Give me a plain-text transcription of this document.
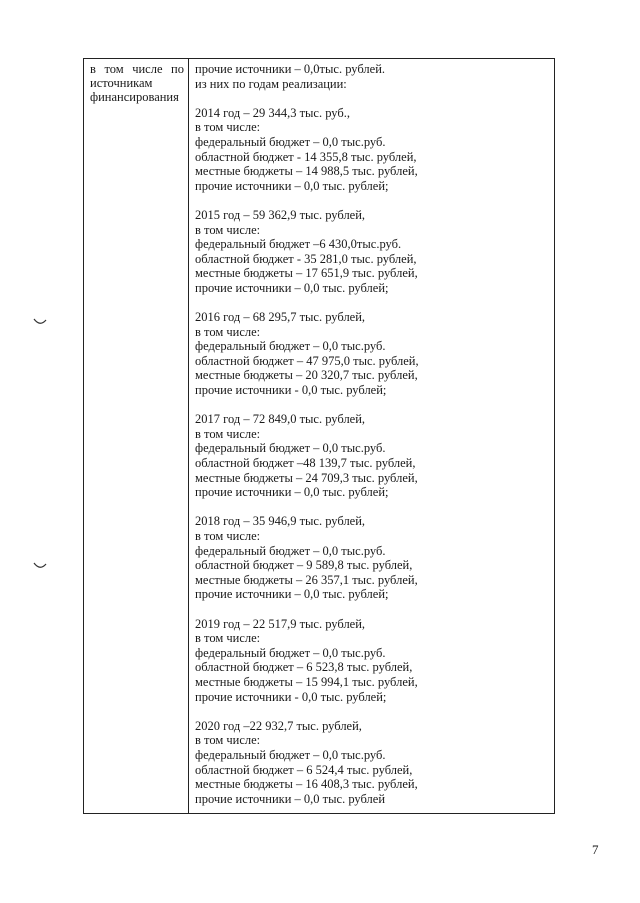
в том числе по
источникам
финансирования
прочие источники – 0,0тыс. рублей.
из них по годам реализации:
2014 год – 29 344,3 тыс. руб.,
в том числе:
федеральный бюджет – 0,0 тыс.руб.
областной бюджет - 14 355,8 тыс. рублей,
местные бюджеты – 14 988,5 тыс. рублей,
прочие источники – 0,0 тыс. рублей;
2015 год – 59 362,9 тыс. рублей,
в том числе:
федеральный бюджет –6 430,0тыс.руб.
областной бюджет - 35 281,0 тыс. рублей,
местные бюджеты – 17 651,9 тыс. рублей,
прочие источники – 0,0 тыс. рублей;
2016 год – 68 295,7 тыс. рублей,
в том числе:
федеральный бюджет – 0,0 тыс.руб.
областной бюджет – 47 975,0 тыс. рублей,
местные бюджеты – 20 320,7 тыс. рублей,
прочие источники - 0,0 тыс. рублей;
2017 год – 72 849,0 тыс. рублей,
в том числе:
федеральный бюджет – 0,0 тыс.руб.
областной бюджет –48 139,7 тыс. рублей,
местные бюджеты – 24 709,3 тыс. рублей,
прочие источники – 0,0 тыс. рублей;
2018 год – 35 946,9 тыс. рублей,
в том числе:
федеральный бюджет – 0,0 тыс.руб.
областной бюджет – 9 589,8 тыс. рублей,
местные бюджеты – 26 357,1 тыс. рублей,
прочие источники – 0,0 тыс. рублей;
2019 год – 22 517,9 тыс. рублей,
в том числе:
федеральный бюджет – 0,0 тыс.руб.
областной бюджет – 6 523,8 тыс. рублей,
местные бюджеты – 15 994,1 тыс. рублей,
прочие источники - 0,0 тыс. рублей;
2020 год –22 932,7 тыс. рублей,
в том числе:
федеральный бюджет – 0,0 тыс.руб.
областной бюджет – 6 524,4 тыс. рублей,
местные бюджеты – 16 408,3 тыс. рублей,
прочие источники – 0,0 тыс. рублей
7
